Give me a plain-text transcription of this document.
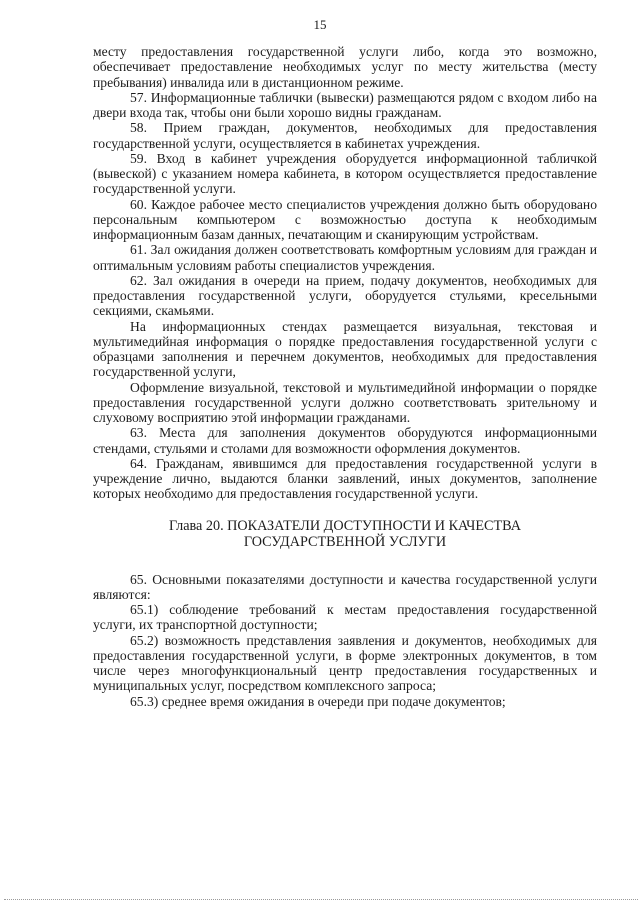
15

месту предоставления государственной услуги либо, когда это возможно, обеспечивает предоставление необходимых услуг по месту жительства (месту пребывания) инвалида или в дистанционном режиме.

57. Информационные таблички (вывески) размещаются рядом с входом либо на двери входа так, чтобы они были хорошо видны гражданам.

58. Прием граждан, документов, необходимых для предоставления государственной услуги, осуществляется в кабинетах учреждения.

59. Вход в кабинет учреждения оборудуется информационной табличкой (вывеской) с указанием номера кабинета, в котором осуществляется предоставление государственной услуги.

60. Каждое рабочее место специалистов учреждения должно быть оборудовано персональным компьютером с возможностью доступа к необходимым информационным базам данных, печатающим и сканирующим устройствам.

61. Зал ожидания должен соответствовать комфортным условиям для граждан и оптимальным условиям работы специалистов учреждения.

62. Зал ожидания в очереди на прием, подачу документов, необходимых для предоставления государственной услуги, оборудуется стульями, кресельными секциями, скамьями.

На информационных стендах размещается визуальная, текстовая и мультимедийная информация о порядке предоставления государственной услуги с образцами заполнения и перечнем документов, необходимых для предоставления государственной услуги,

Оформление визуальной, текстовой и мультимедийной информации о порядке предоставления государственной услуги должно соответствовать зрительному и слуховому восприятию этой информации гражданами.

63. Места для заполнения документов оборудуются информационными стендами, стульями и столами для возможности оформления документов.

64. Гражданам, явившимся для предоставления государственной услуги в учреждение лично, выдаются бланки заявлений, иных документов, заполнение которых необходимо для предоставления государственной услуги.

Глава 20. ПОКАЗАТЕЛИ ДОСТУПНОСТИ И КАЧЕСТВА
ГОСУДАРСТВЕННОЙ УСЛУГИ

65. Основными показателями доступности и качества государственной услуги являются:

65.1) соблюдение требований к местам предоставления государственной услуги, их транспортной доступности;

65.2) возможность представления заявления и документов, необходимых для предоставления государственной услуги, в форме электронных документов, в том числе через многофункциональный центр предоставления государственных и муниципальных услуг, посредством комплексного запроса;

65.3) среднее время ожидания в очереди при подаче документов;
